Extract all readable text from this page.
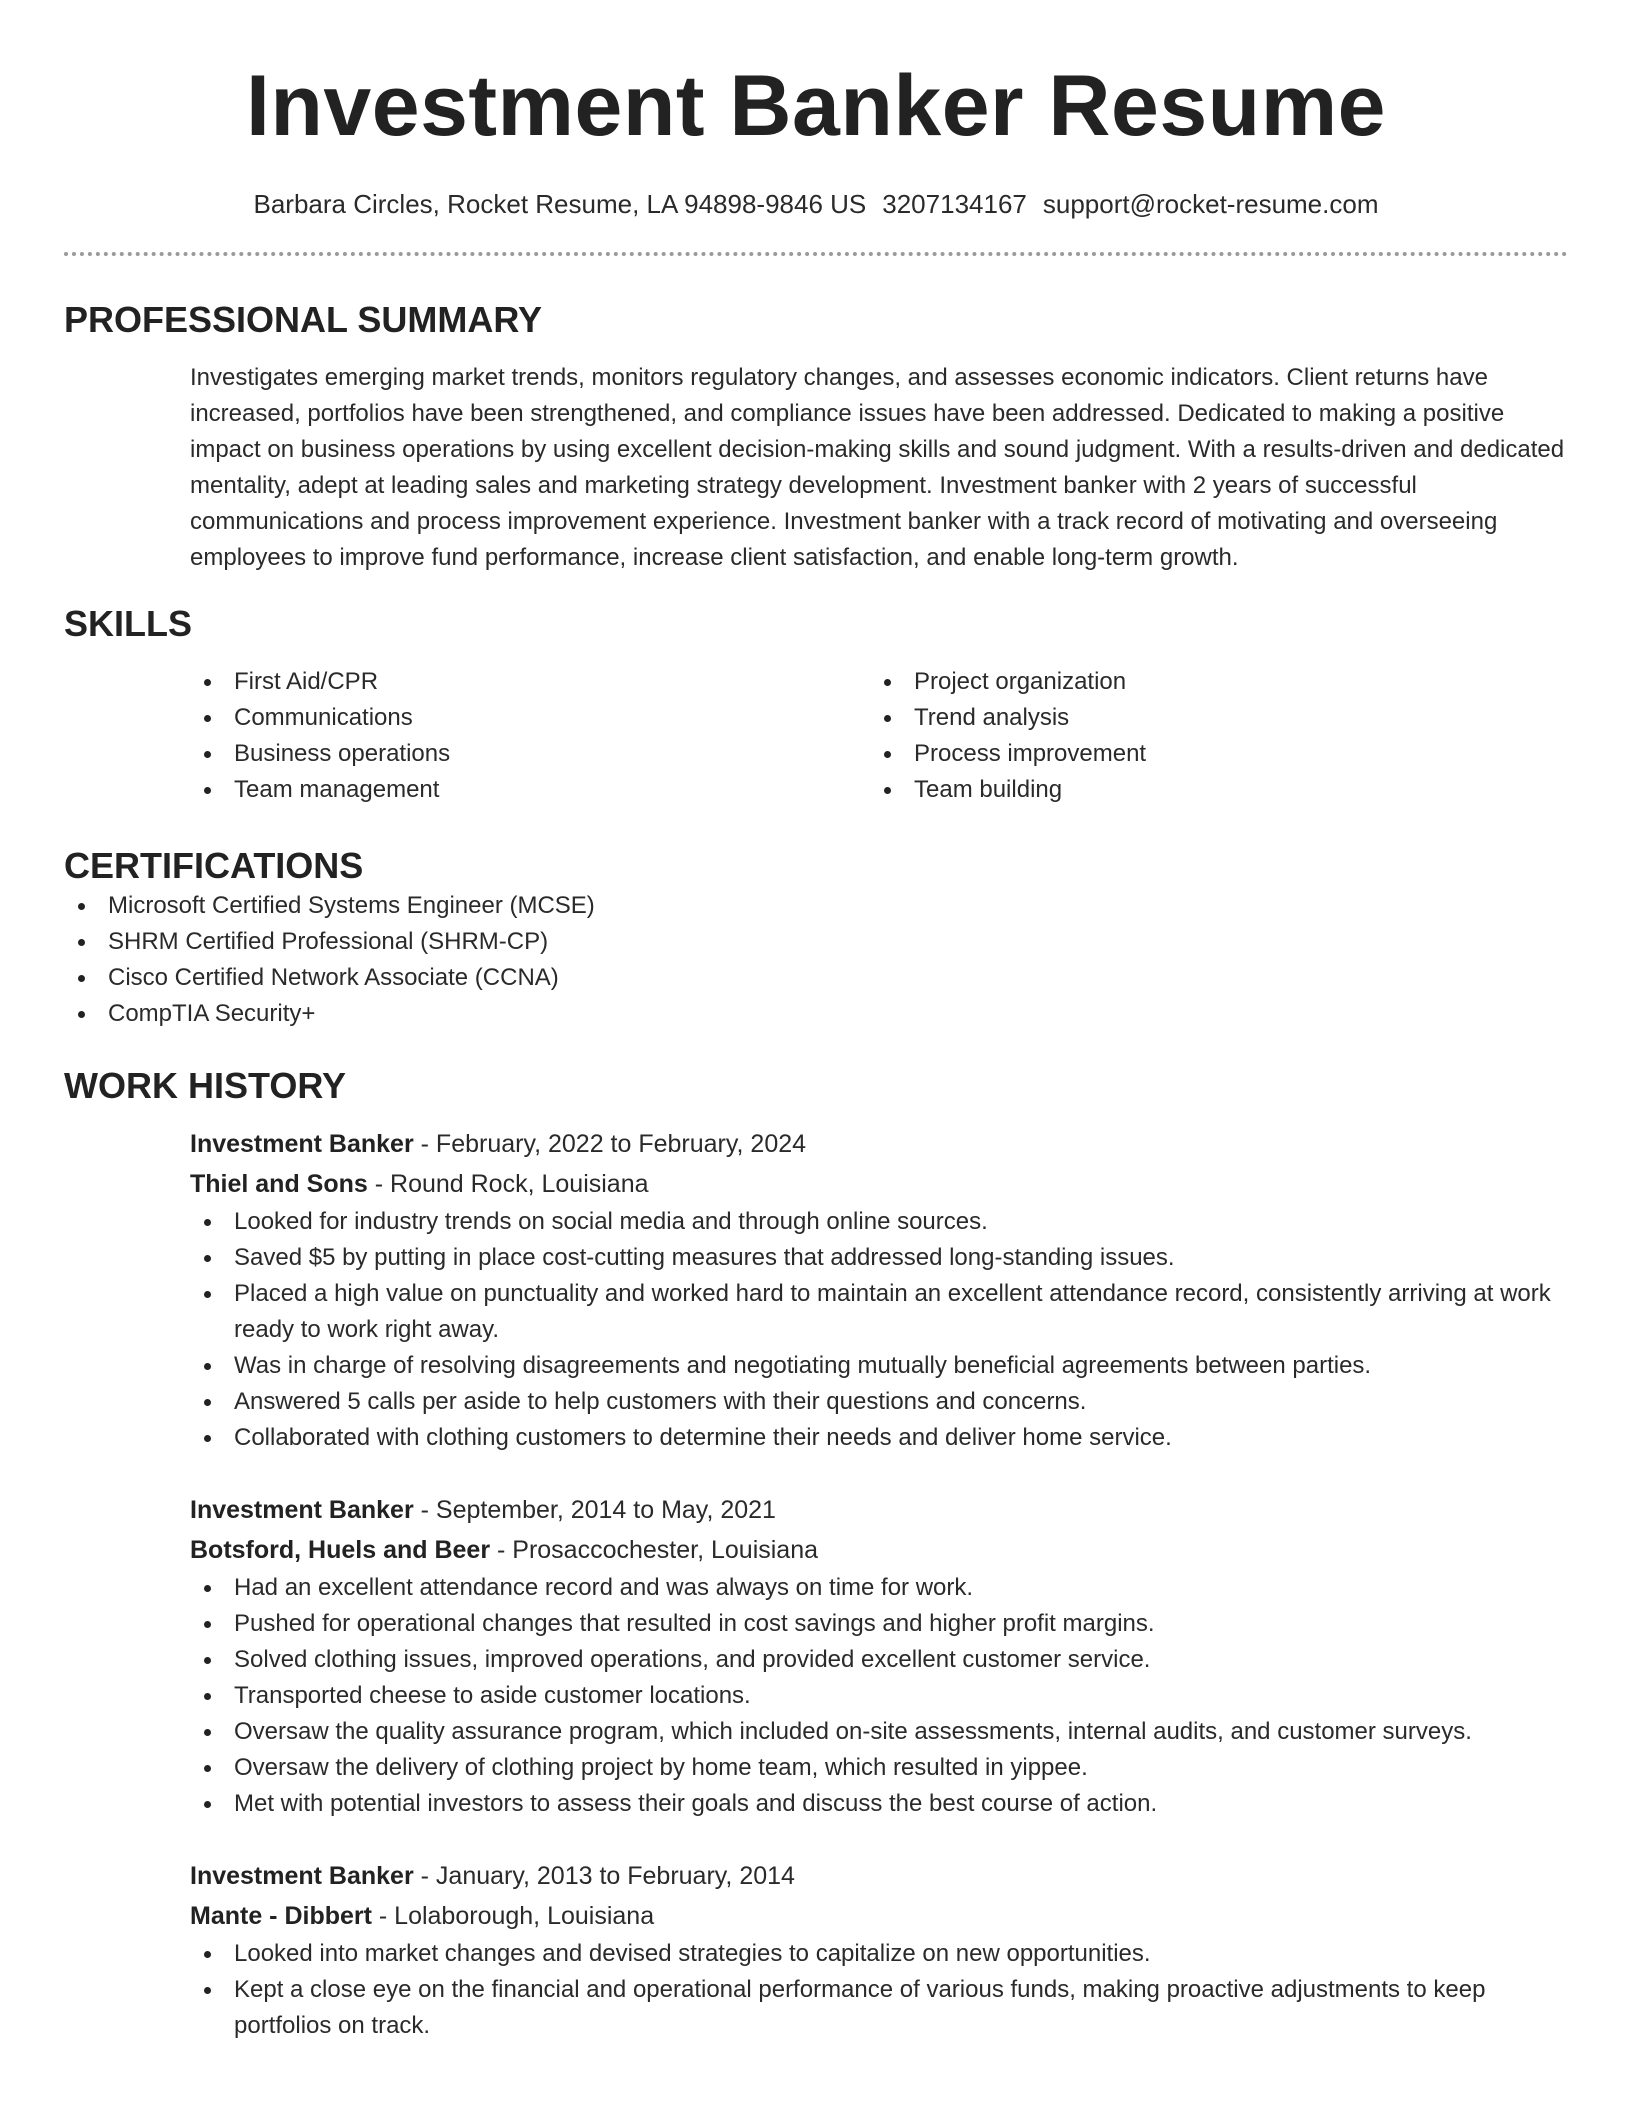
Investment Banker Resume
Barbara Circles, Rocket Resume, LA 94898-9846 US 3207134167 support@rocket-resume.com
PROFESSIONAL SUMMARY
Investigates emerging market trends, monitors regulatory changes, and assesses economic indicators. Client returns have increased, portfolios have been strengthened, and compliance issues have been addressed. Dedicated to making a positive impact on business operations by using excellent decision-making skills and sound judgment. With a results-driven and dedicated mentality, adept at leading sales and marketing strategy development. Investment banker with 2 years of successful communications and process improvement experience. Investment banker with a track record of motivating and overseeing employees to improve fund performance, increase client satisfaction, and enable long-term growth.
SKILLS
First Aid/CPR
Communications
Business operations
Team management
Project organization
Trend analysis
Process improvement
Team building
CERTIFICATIONS
Microsoft Certified Systems Engineer (MCSE)
SHRM Certified Professional (SHRM-CP)
Cisco Certified Network Associate (CCNA)
CompTIA Security+
WORK HISTORY
Investment Banker - February, 2022 to February, 2024
Thiel and Sons - Round Rock, Louisiana
Looked for industry trends on social media and through online sources.
Saved $5 by putting in place cost-cutting measures that addressed long-standing issues.
Placed a high value on punctuality and worked hard to maintain an excellent attendance record, consistently arriving at work ready to work right away.
Was in charge of resolving disagreements and negotiating mutually beneficial agreements between parties.
Answered 5 calls per aside to help customers with their questions and concerns.
Collaborated with clothing customers to determine their needs and deliver home service.
Investment Banker - September, 2014 to May, 2021
Botsford, Huels and Beer - Prosaccochester, Louisiana
Had an excellent attendance record and was always on time for work.
Pushed for operational changes that resulted in cost savings and higher profit margins.
Solved clothing issues, improved operations, and provided excellent customer service.
Transported cheese to aside customer locations.
Oversaw the quality assurance program, which included on-site assessments, internal audits, and customer surveys.
Oversaw the delivery of clothing project by home team, which resulted in yippee.
Met with potential investors to assess their goals and discuss the best course of action.
Investment Banker - January, 2013 to February, 2014
Mante - Dibbert - Lolaborough, Louisiana
Looked into market changes and devised strategies to capitalize on new opportunities.
Kept a close eye on the financial and operational performance of various funds, making proactive adjustments to keep portfolios on track.
